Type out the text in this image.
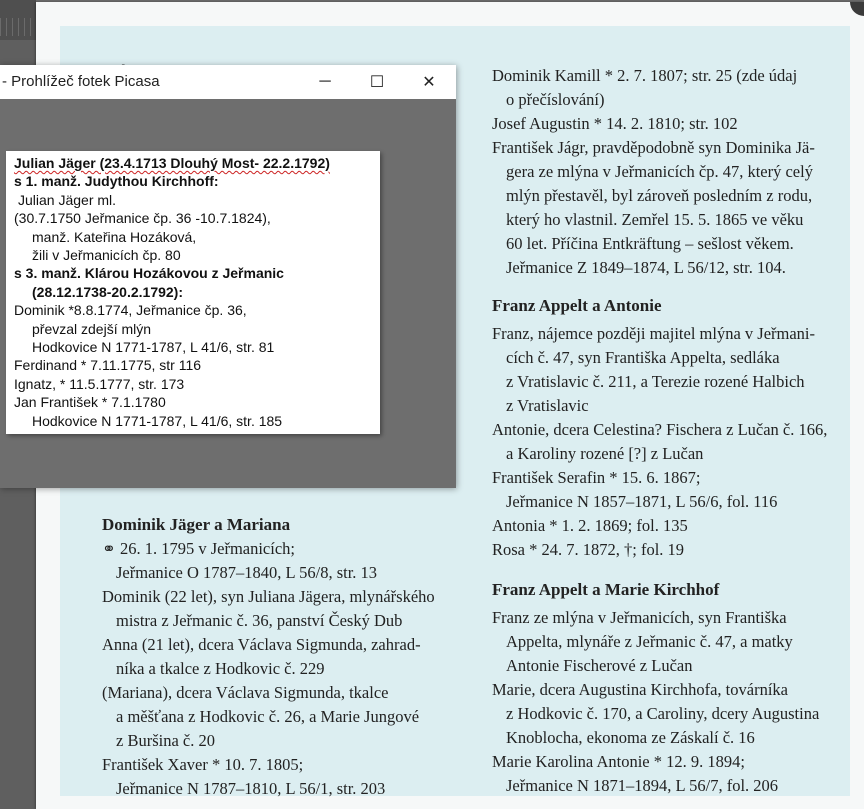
Dominik Jäger a Mariana
⚭ 26. 1. 1795 v Jeřmanicích;
Jeřmanice O 1787–1840, L 56/8, str. 13
Dominik (22 let), syn Juliana Jägera, mlynářského
mistra z Jeřmanic č. 36, panství Český Dub
Anna (21 let), dcera Václava Sigmunda, zahrad-
níka a tkalce z Hodkovic č. 229
(Mariana), dcera Václava Sigmunda, tkalce
a měšťana z Hodkovic č. 26, a Marie Jungové
z Buršina č. 20
František Xaver * 10. 7. 1805;
Jeřmanice N 1787–1810, L 56/1, str. 203
Dominik Kamill * 2. 7. 1807; str. 25 (zde údaj
o přečíslování)
Josef Augustin * 14. 2. 1810; str. 102
František Jágr, pravděpodobně syn Dominika Jä-
gera ze mlýna v Jeřmanicích čp. 47, který celý
mlýn přestavěl, byl zároveň posledním z rodu,
který ho vlastnil. Zemřel 15. 5. 1865 ve věku
60 let. Příčina Entkräftung – sešlost věkem.
Jeřmanice Z 1849–1874, L 56/12, str. 104.
Franz Appelt a Antonie
Franz, nájemce později majitel mlýna v Jeřmani-
cích č. 47, syn Františka Appelta, sedláka
z Vratislavic č. 211, a Terezie rozené Halbich
z Vratislavic
Antonie, dcera Celestina? Fischera z Lučan č. 166,
a Karoliny rozené [?] z Lučan
František Serafin * 15. 6. 1867;
Jeřmanice N 1857–1871, L 56/6, fol. 116
Antonia * 1. 2. 1869; fol. 135
Rosa * 24. 7. 1872, †; fol. 19
Franz Appelt a Marie Kirchhof
Franz ze mlýna v Jeřmanicích, syn Františka
Appelta, mlynáře z Jeřmanic č. 47, a matky
Antonie Fischerové z Lučan
Marie, dcera Augustina Kirchhofa, továrníka
z Hodkovic č. 170, a Caroliny, dcery Augustina
Knoblocha, ekonoma ze Záskalí č. 16
Marie Karolina Antonie * 12. 9. 1894;
Jeřmanice N 1871–1894, L 56/7, fol. 206
- Prohlížeč fotek Picasa	─ ☐ ✕
Julian Jäger (23.4.1713 Dlouhý Most- 22.2.1792)
s 1. manž. Judythou Kirchhoff:
Julian Jäger ml.
(30.7.1750 Jeřmanice čp. 36 -10.7.1824),
manž. Kateřina Hozáková,
žili v Jeřmanicích čp. 80
s 3. manž. Klárou Hozákovou z Jeřmanic
(28.12.1738-20.2.1792):
Dominik *8.8.1774, Jeřmanice čp. 36,
převzal zdejší mlýn
Hodkovice N 1771-1787, L 41/6, str. 81
Ferdinand * 7.11.1775, str 116
Ignatz, * 11.5.1777, str. 173
Jan František * 7.1.1780
Hodkovice N 1771-1787, L 41/6, str. 185
